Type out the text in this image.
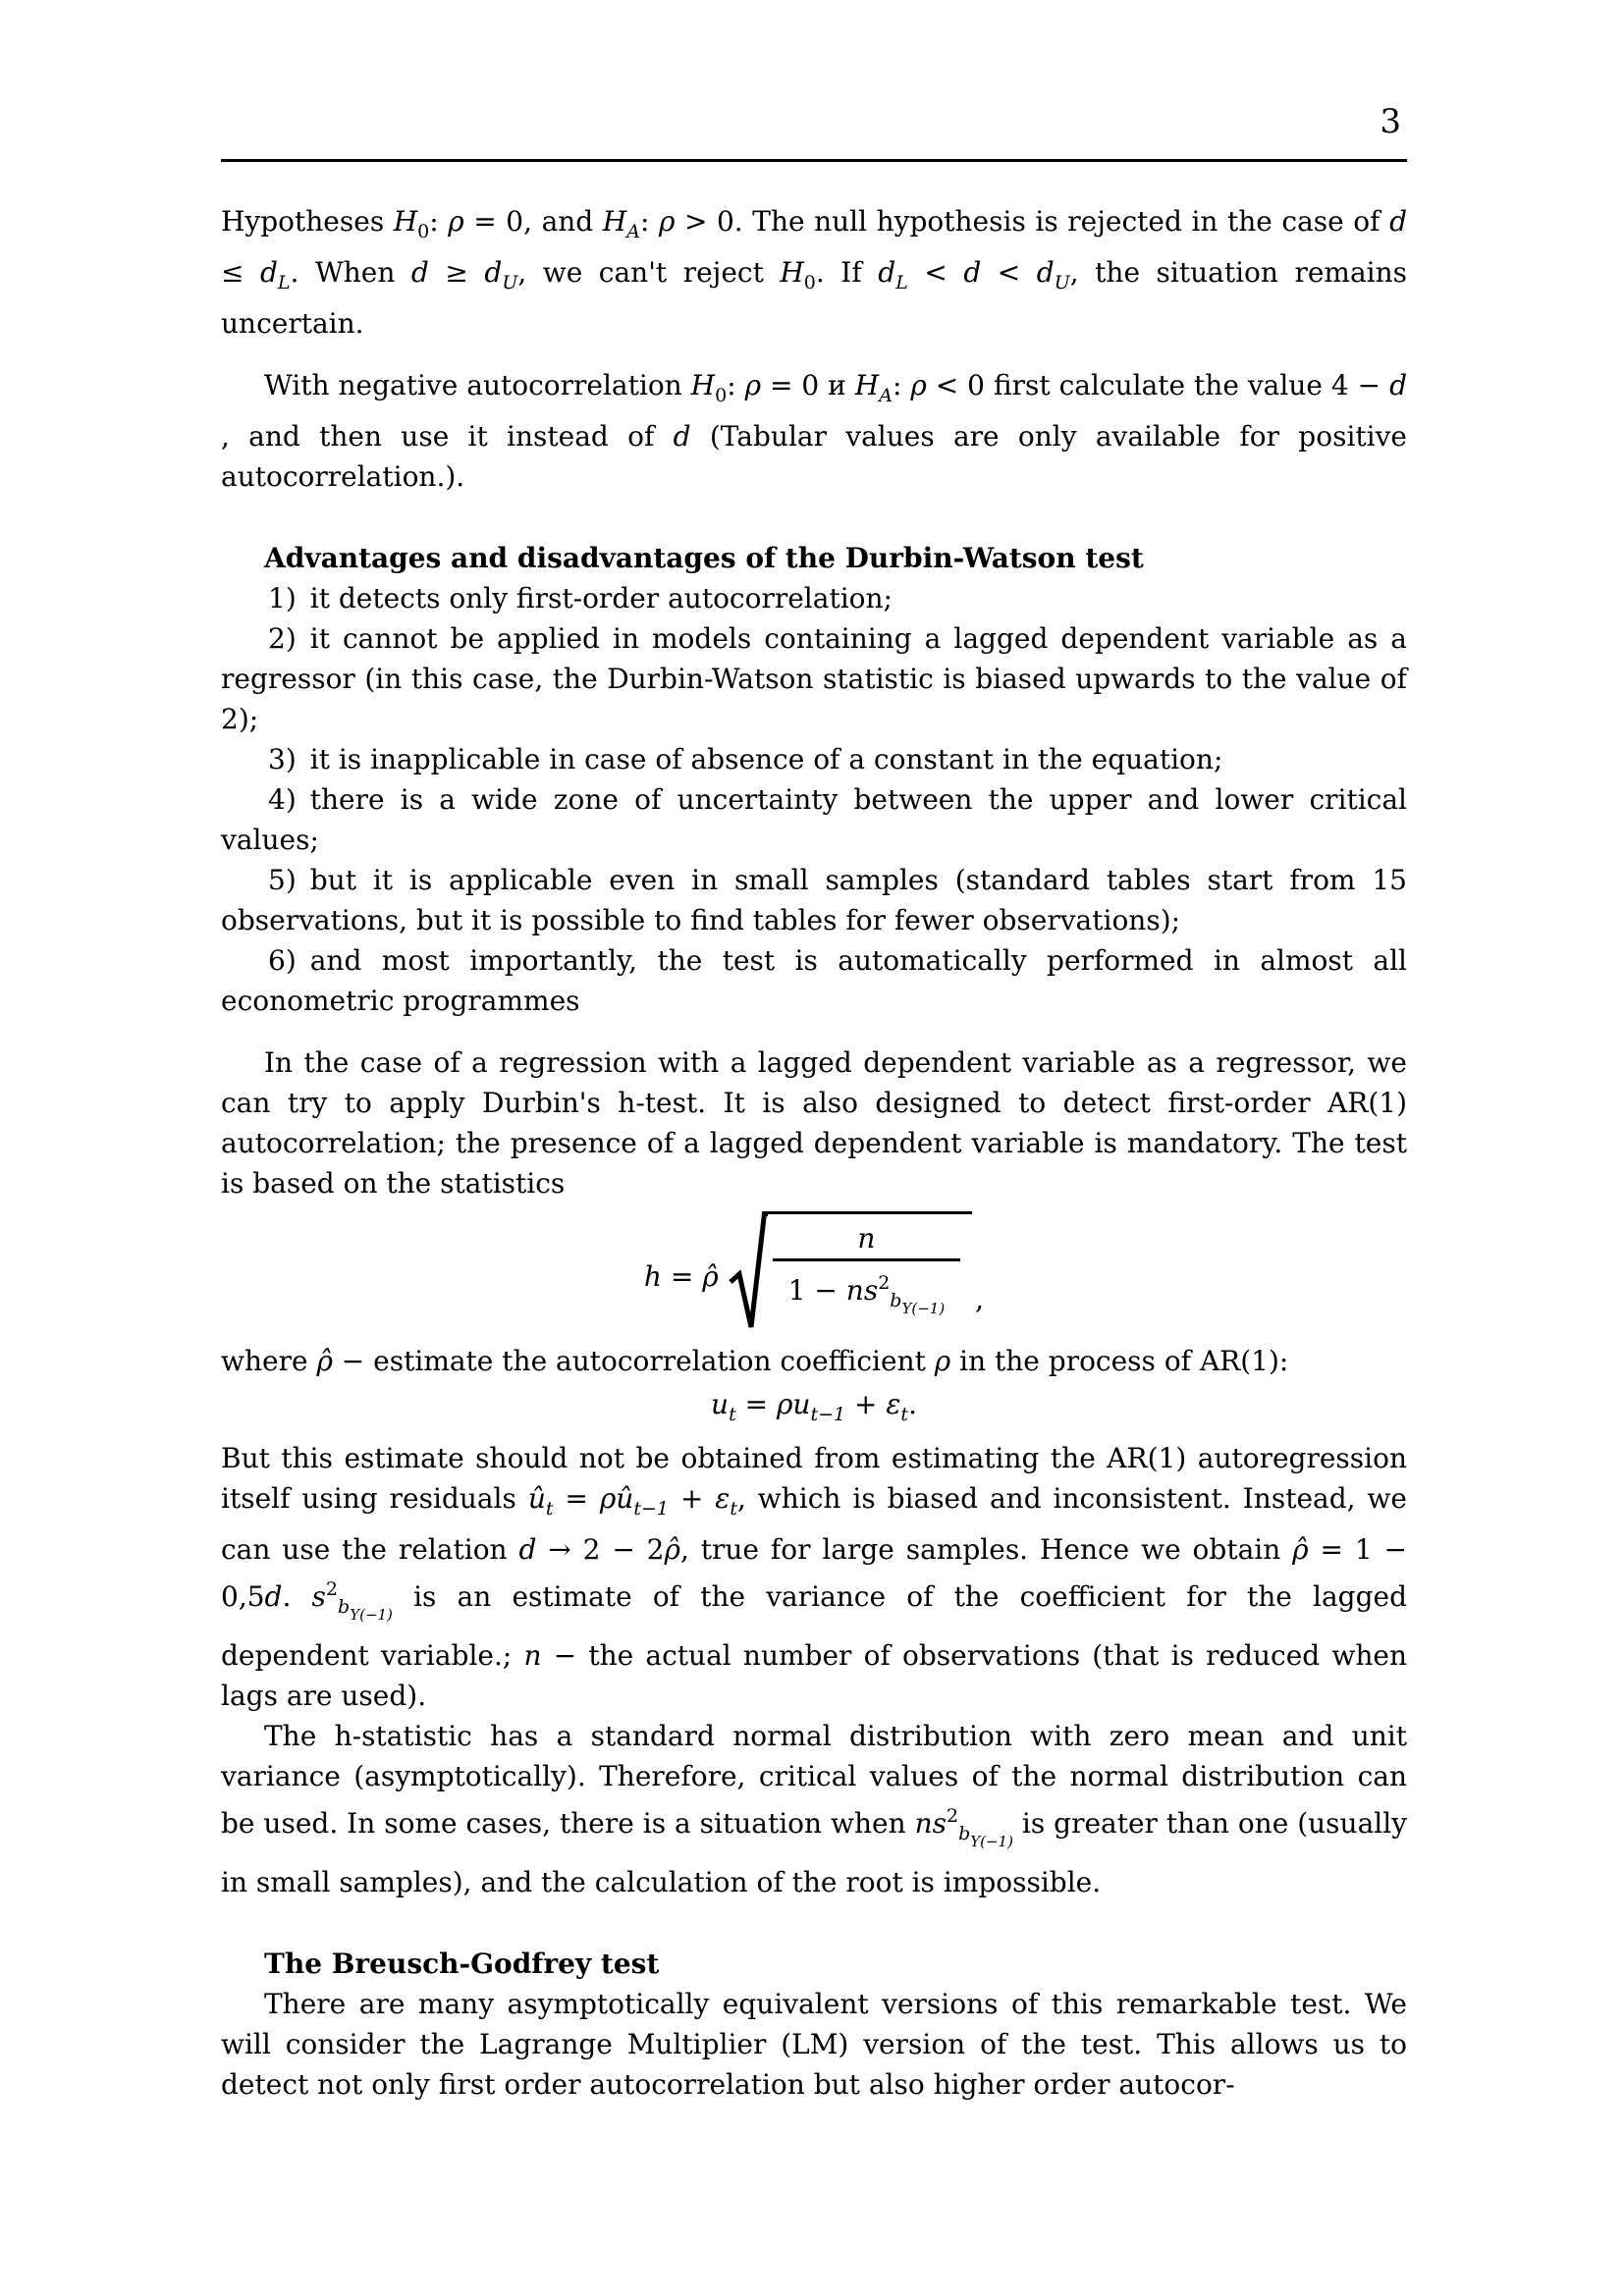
3

Hypotheses $H_0$: ρ = 0, and $H_A$: ρ > 0. The null hypothesis is rejected in the case of $d \le d_L$. When $d \ge d_U$, we can't reject $H_0$. If $d_L < d < d_U$, the situation remains uncertain.

With negative autocorrelation $H_0$: ρ = 0 и $H_A$: ρ < 0 first calculate the value 4 − d , and then use it instead of d (Tabular values are only available for positive autocorrelation.).

Advantages and disadvantages of the Durbin-Watson test

1) it detects only first-order autocorrelation;

2) it cannot be applied in models containing a lagged dependent variable as a regressor (in this case, the Durbin-Watson statistic is biased upwards to the value of 2);

3) it is inapplicable in case of absence of a constant in the equation;

4) there is a wide zone of uncertainty between the upper and lower critical values;

5) but it is applicable even in small samples (standard tables start from 15 observations, but it is possible to find tables for fewer observations);

6) and most importantly, the test is automatically performed in almost all econometric programmes

In the case of a regression with a lagged dependent variable as a regressor, we can try to apply Durbin's h-test. It is also designed to detect first-order AR(1) autocorrelation; the presence of a lagged dependent variable is mandatory. The test is based on the statistics

h = ρ̂
n
$1 - ns^2_{bY(-1)}$	,

where ρ̂ − estimate the autocorrelation coefficient ρ in the process of AR(1):

$u_t = \rho u_{t-1} + \varepsilon_t$.

But this estimate should not be obtained from estimating the AR(1) autoregression itself using residuals $û_t$ = $\rho û_{t-1} + \varepsilon_t$, which is biased and inconsistent. Instead, we can use the relation d → 2 − 2ρ̂, true for large samples. Hence we obtain ρ̂ = 1 − 0,5d. $s^2_{bY(-1)}$ is an estimate of the variance of the coefficient for the lagged dependent variable.; n − the actual number of observations (that is reduced when lags are used).

The h-statistic has a standard normal distribution with zero mean and unit variance (asymptotically). Therefore, critical values of the normal distribution can be used. In some cases, there is a situation when $ns^2_{bY(-1)}$ is greater than one (usually in small samples), and the calculation of the root is impossible.

The Breusch-Godfrey test

There are many asymptotically equivalent versions of this remarkable test. We will consider the Lagrange Multiplier (LM) version of the test. This allows us to detect not only first order autocorrelation but also higher order autocor-
